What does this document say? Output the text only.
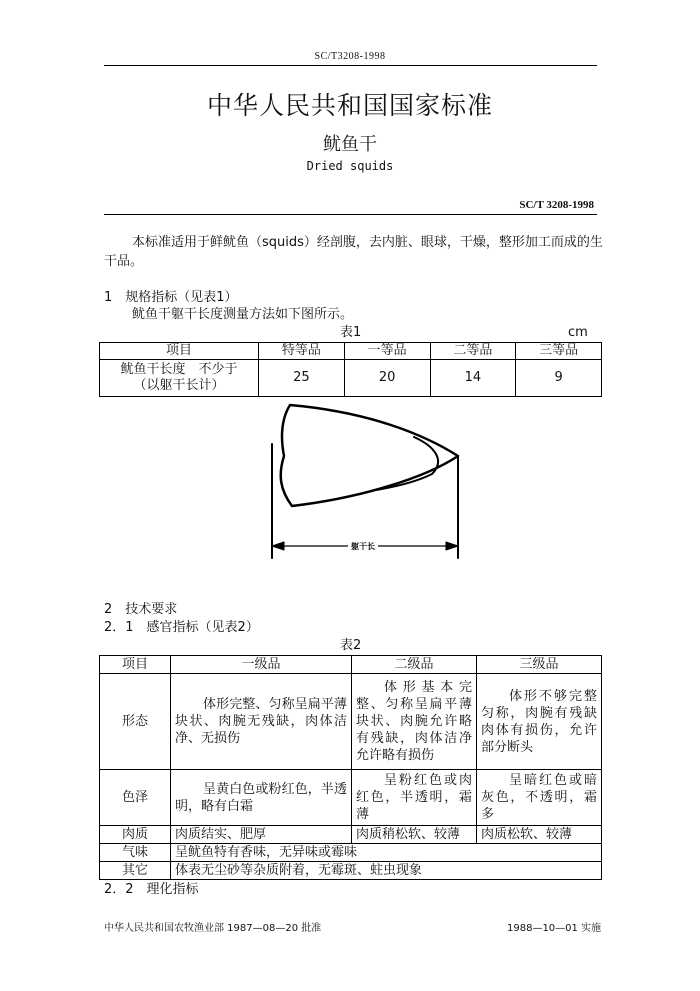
SC/T3208-1998
中华人民共和国国家标准
鱿鱼干
Dried squids
SC/T 3208-1998
本标准适用于鲜鱿鱼（squids）经剖腹，去内脏、眼球，干燥，整形加工而成的生干品。
1　规格指标（见表1）
鱿鱼干躯干长度测量方法如下图所示。
表1	cm
项目	特等品	一等品	二等品	三等品

鱿鱼干长度　不少于
（以躯干长计）	25	20	14	9
躯干长
2　技术要求
2．1　感官指标（见表2）
表2
项目	一级品	二级品	三级品
形态	体形完整、匀称呈扁平薄块状、肉腕无残缺，肉体洁净、无损伤	体形基本完整、匀称呈扁平薄块状、肉腕允许略有残缺，肉体洁净允许略有损伤	体形不够完整匀称，肉腕有残缺肉体有损伤，允许部分断头
色泽	呈黄白色或粉红色，半透明，略有白霜	呈粉红色或肉红色，半透明，霜薄	呈暗红色或暗灰色，不透明，霜多
肉质	肉质结实、肥厚	肉质稍松软、较薄	肉质松软、较薄
气味	呈鱿鱼特有香味，无异味或霉味		
其它	体表无尘砂等杂质附着，无霉斑、蛀虫现象		
2．2　理化指标
中华人民共和国农牧渔业部 1987—08—20 批准	1988—10—01 实施
